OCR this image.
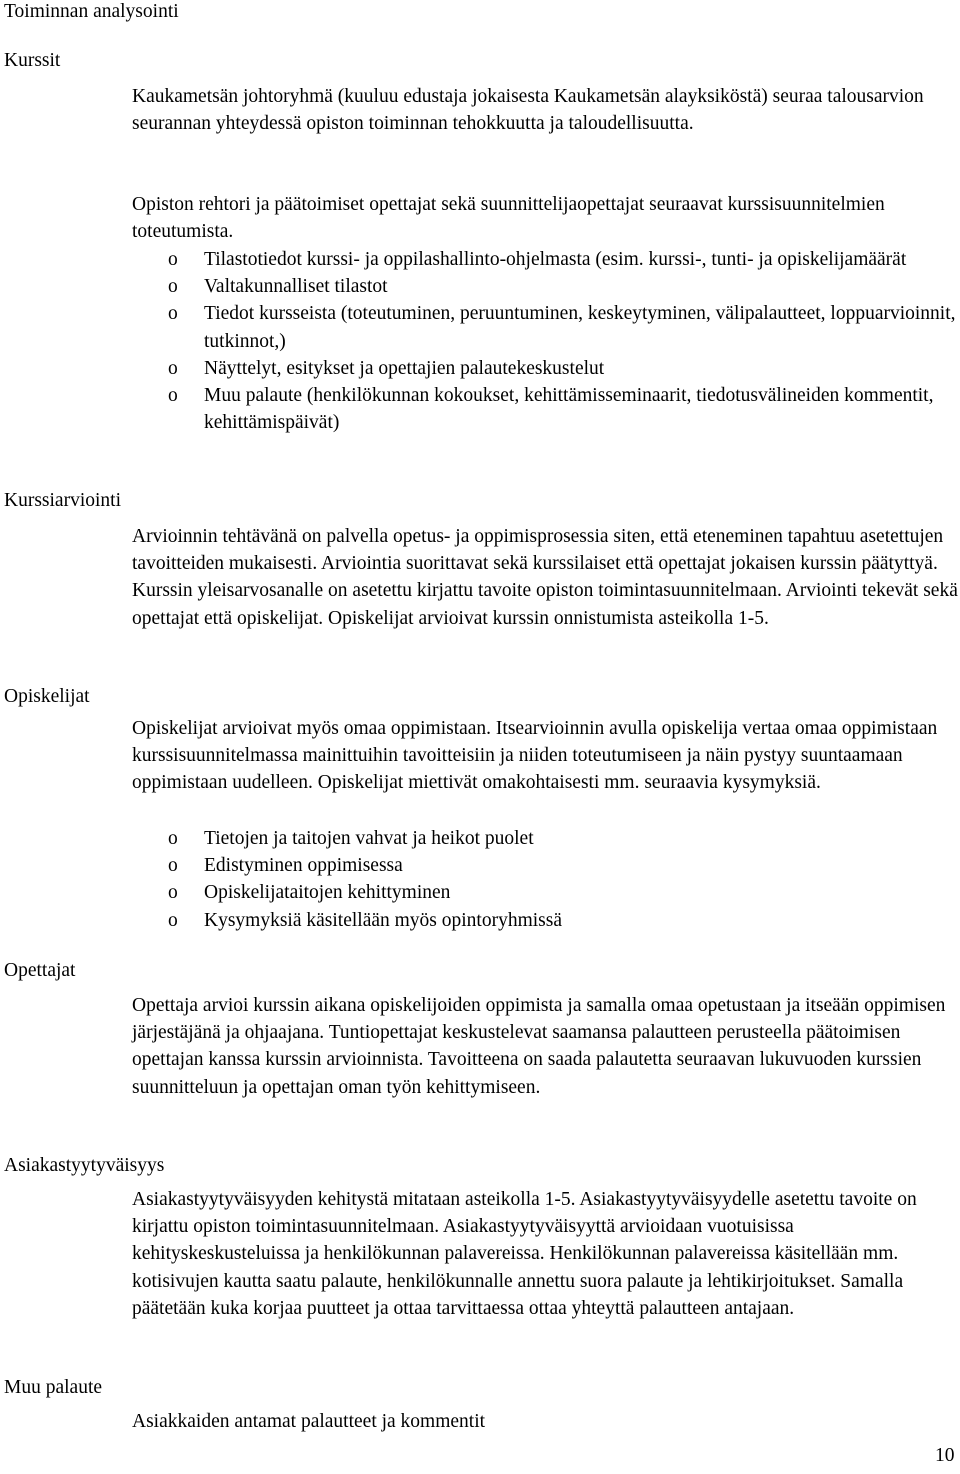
Toiminnan analysointi
Kurssit

Kaukametsän johtoryhmä (kuuluu edustaja jokaisesta Kaukametsän alayksiköstä) seuraa talousarvion seurannan yhteydessä opiston toiminnan tehokkuutta ja taloudellisuutta.

Opiston rehtori ja päätoimiset opettajat sekä suunnittelijaopettajat seuraavat kurssisuunnitelmien toteutumista.

o Tilastotiedot kurssi- ja oppilashallinto-ohjelmasta (esim. kurssi-, tunti- ja opiskelijamäärät
o Valtakunnalliset tilastot
o Tiedot kursseista (toteutuminen, peruuntuminen, keskeytyminen, välipalautteet, loppuarvioinnit, tutkinnot,)
o Näyttelyt, esitykset ja opettajien palautekeskustelut
o Muu palaute (henkilökunnan kokoukset, kehittämisseminaarit, tiedotusvälineiden kommentit, kehittämispäivät)
Kurssiarviointi

Arvioinnin tehtävänä on palvella opetus- ja oppimisprosessia siten, että eteneminen tapahtuu asetettujen tavoitteiden mukaisesti. Arviointia suorittavat sekä kurssilaiset että opettajat jokaisen kurssin päätyttyä. Kurssin yleisarvosanalle on asetettu kirjattu tavoite opiston toimintasuunnitelmaan. Arviointi tekevät sekä opettajat että opiskelijat. Opiskelijat arvioivat kurssin onnistumista asteikolla 1-5.

Opiskelijat

Opiskelijat arvioivat myös omaa oppimistaan. Itsearvioinnin avulla opiskelija vertaa omaa oppimistaan kurssisuunnitelmassa mainittuihin tavoitteisiin ja niiden toteutumiseen ja näin pystyy suuntaamaan oppimistaan uudelleen. Opiskelijat miettivät omakohtaisesti mm. seuraavia kysymyksiä.

o Tietojen ja taitojen vahvat ja heikot puolet
o Edistyminen oppimisessa
o Opiskelijataitojen kehittyminen
o Kysymyksiä käsitellään myös opintoryhmissä
Opettajat

Opettaja arvioi kurssin aikana opiskelijoiden oppimista ja samalla omaa opetustaan ja itseään oppimisen järjestäjänä ja ohjaajana. Tuntiopettajat keskustelevat saamansa palautteen perusteella päätoimisen opettajan kanssa kurssin arvioinnista. Tavoitteena on saada palautetta seuraavan lukuvuoden kurssien suunnitteluun ja opettajan oman työn kehittymiseen.

Asiakastyytyväisyys

Asiakastyytyväisyyden kehitystä mitataan asteikolla 1-5. Asiakastyytyväisyydelle asetettu tavoite on kirjattu opiston toimintasuunnitelmaan. Asiakastyytyväisyyttä arvioidaan vuotuisissa kehityskeskusteluissa ja henkilökunnan palavereissa. Henkilökunnan palavereissa käsitellään mm. kotisivujen kautta saatu palaute, henkilökunnalle annettu suora palaute ja lehtikirjoitukset. Samalla päätetään kuka korjaa puutteet ja ottaa tarvittaessa ottaa yhteyttä palautteen antajaan.

Muu palaute

Asiakkaiden antamat palautteet ja kommentit

10
